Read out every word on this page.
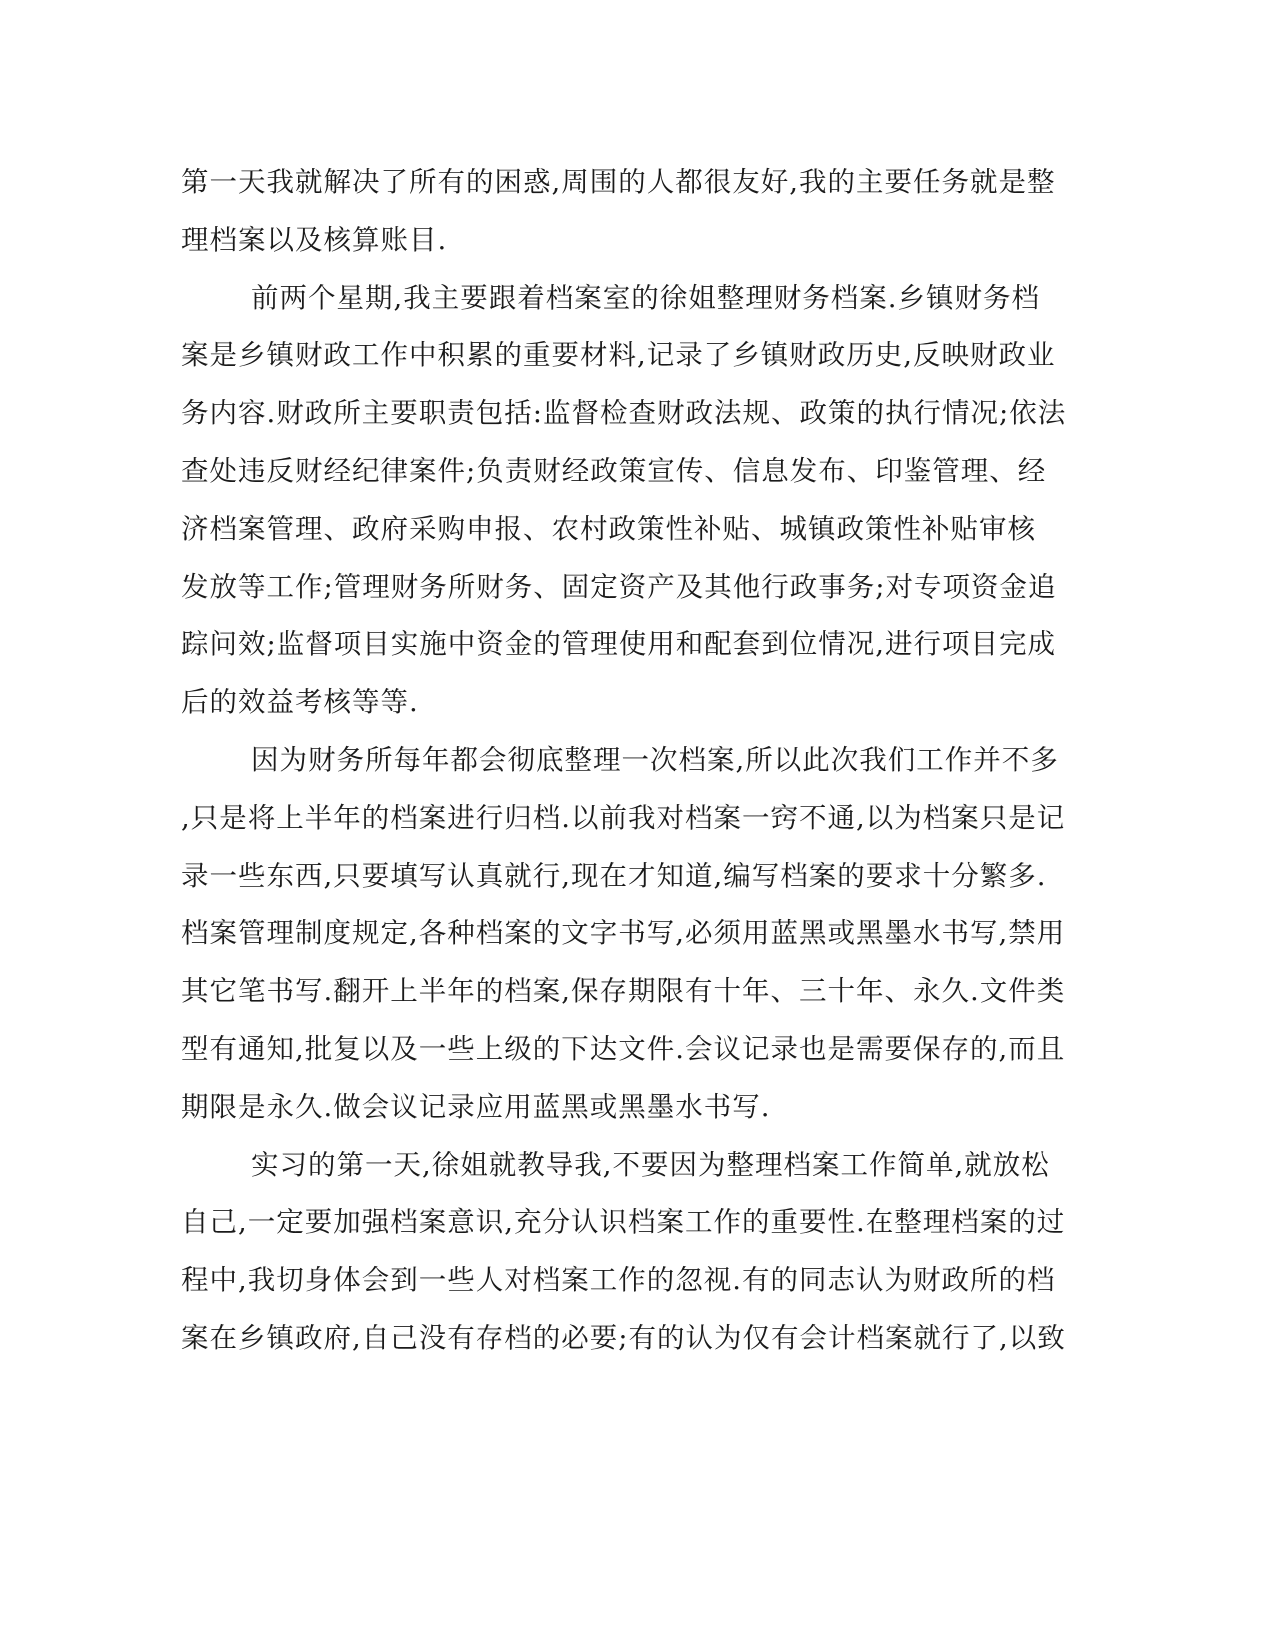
第一天我就解决了所有的困惑,周围的人都很友好,我的主要任务就是整
理档案以及核算账目.
前两个星期,我主要跟着档案室的徐姐整理财务档案.乡镇财务档
案是乡镇财政工作中积累的重要材料,记录了乡镇财政历史,反映财政业
务内容.财政所主要职责包括:监督检查财政法规、政策的执行情况;依法
查处违反财经纪律案件;负责财经政策宣传、信息发布、印鉴管理、经
济档案管理、政府采购申报、农村政策性补贴、城镇政策性补贴审核
发放等工作;管理财务所财务、固定资产及其他行政事务;对专项资金追
踪问效;监督项目实施中资金的管理使用和配套到位情况,进行项目完成
后的效益考核等等.
因为财务所每年都会彻底整理一次档案,所以此次我们工作并不多
,只是将上半年的档案进行归档.以前我对档案一窍不通,以为档案只是记
录一些东西,只要填写认真就行,现在才知道,编写档案的要求十分繁多.
档案管理制度规定,各种档案的文字书写,必须用蓝黑或黑墨水书写,禁用
其它笔书写.翻开上半年的档案,保存期限有十年、三十年、永久.文件类
型有通知,批复以及一些上级的下达文件.会议记录也是需要保存的,而且
期限是永久.做会议记录应用蓝黑或黑墨水书写.
实习的第一天,徐姐就教导我,不要因为整理档案工作简单,就放松
自己,一定要加强档案意识,充分认识档案工作的重要性.在整理档案的过
程中,我切身体会到一些人对档案工作的忽视.有的同志认为财政所的档
案在乡镇政府,自己没有存档的必要;有的认为仅有会计档案就行了,以致
